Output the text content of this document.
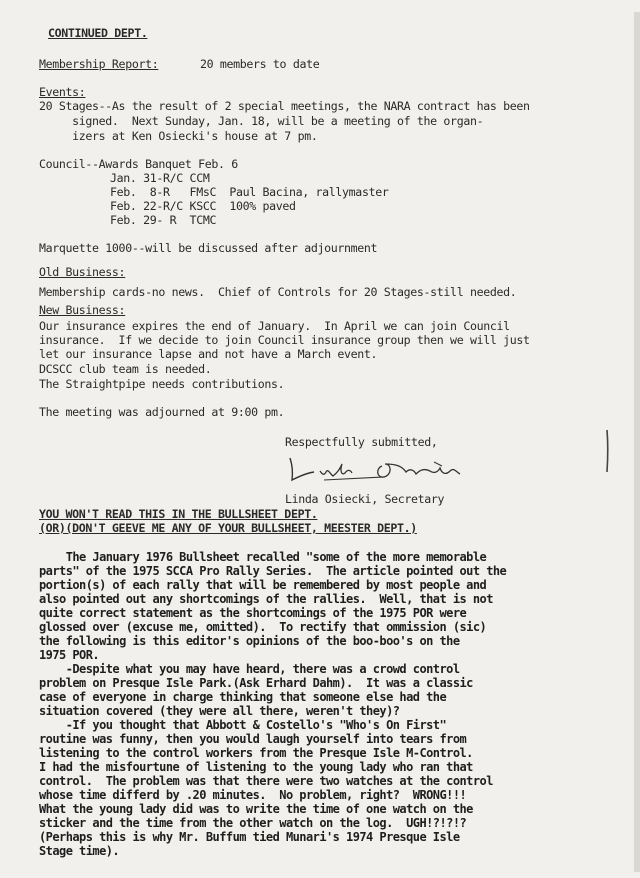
CONTINUED DEPT.
Membership Report:	20 members to date
Events:
20 Stages--As the result of 2 special meetings, the NARA contract has been
signed.  Next Sunday, Jan. 18, will be a meeting of the organ-
izers at Ken Osiecki's house at 7 pm.
Council--Awards Banquet Feb. 6
Jan. 31-R/C CCM
Feb.  8-R   FMsC  Paul Bacina, rallymaster
Feb. 22-R/C KSCC  100% paved
Feb. 29- R  TCMC
Marquette 1000--will be discussed after adjournment
Old Business:
Membership cards-no news.  Chief of Controls for 20 Stages-still needed.
New Business:
Our insurance expires the end of January.  In April we can join Council
insurance.  If we decide to join Council insurance group then we will just
let our insurance lapse and not have a March event.
DCSCC club team is needed.
The Straightpipe needs contributions.
The meeting was adjourned at 9:00 pm.
Respectfully submitted,
Linda Osiecki, Secretary
YOU WON'T READ THIS IN THE BULLSHEET DEPT.
(OR)(DON'T GEEVE ME ANY OF YOUR BULLSHEET, MEESTER DEPT.)
The January 1976 Bullsheet recalled "some of the more memorable
parts" of the 1975 SCCA Pro Rally Series.  The article pointed out the
portion(s) of each rally that will be remembered by most people and
also pointed out any shortcomings of the rallies.  Well, that is not
quite correct statement as the shortcomings of the 1975 POR were
glossed over (excuse me, omitted).  To rectify that ommission (sic)
the following is this editor's opinions of the boo-boo's on the
1975 POR.
-Despite what you may have heard, there was a crowd control
problem on Presque Isle Park.(Ask Erhard Dahm).  It was a classic
case of everyone in charge thinking that someone else had the
situation covered (they were all there, weren't they)?
-If you thought that Abbott & Costello's "Who's On First"
routine was funny, then you would laugh yourself into tears from
listening to the control workers from the Presque Isle M-Control.
I had the misfourtune of listening to the young lady who ran that
control.  The problem was that there were two watches at the control
whose time differd by .20 minutes.  No problem, right?  WRONG!!!
What the young lady did was to write the time of one watch on the
sticker and the time from the other watch on the log.  UGH!?!?!?
(Perhaps this is why Mr. Buffum tied Munari's 1974 Presque Isle
Stage time).
